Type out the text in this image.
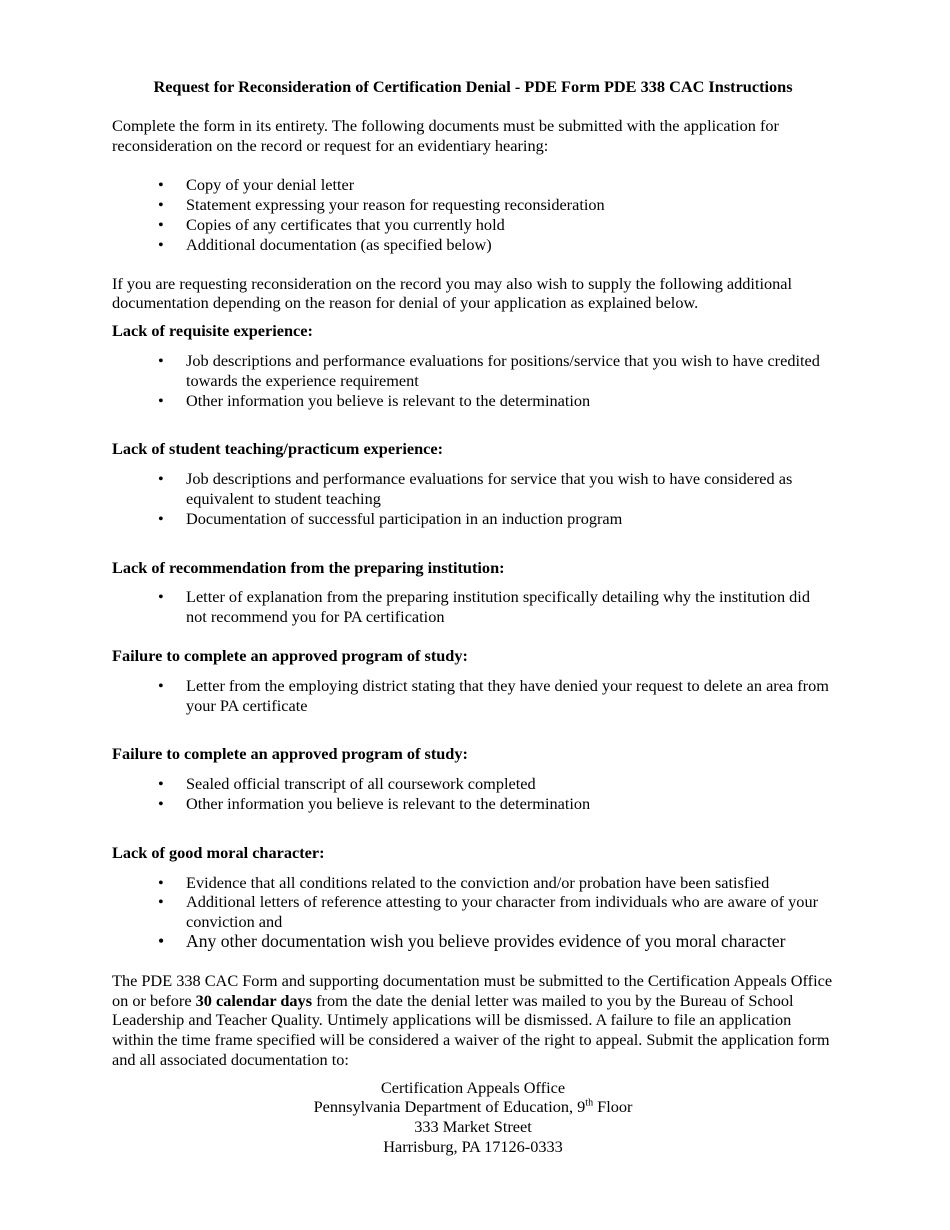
Request for Reconsideration of Certification Denial - PDE Form PDE 338 CAC Instructions

Complete the form in its entirety. The following documents must be submitted with the application for reconsideration on the record or request for an evidentiary hearing:

• Copy of your denial letter
• Statement expressing your reason for requesting reconsideration
• Copies of any certificates that you currently hold
• Additional documentation (as specified below)

If you are requesting reconsideration on the record you may also wish to supply the following additional documentation depending on the reason for denial of your application as explained below.

Lack of requisite experience:

• Job descriptions and performance evaluations for positions/service that you wish to have credited towards the experience requirement
• Other information you believe is relevant to the determination

Lack of student teaching/practicum experience:

• Job descriptions and performance evaluations for service that you wish to have considered as equivalent to student teaching
• Documentation of successful participation in an induction program

Lack of recommendation from the preparing institution:

• Letter of explanation from the preparing institution specifically detailing why the institution did not recommend you for PA certification

Failure to complete an approved program of study:

• Letter from the employing district stating that they have denied your request to delete an area from your PA certificate

Failure to complete an approved program of study:

• Sealed official transcript of all coursework completed
• Other information you believe is relevant to the determination

Lack of good moral character:

• Evidence that all conditions related to the conviction and/or probation have been satisfied
• Additional letters of reference attesting to your character from individuals who are aware of your conviction and
• Any other documentation wish you believe provides evidence of you moral character

The PDE 338 CAC Form and supporting documentation must be submitted to the Certification Appeals Office on or before 30 calendar days from the date the denial letter was mailed to you by the Bureau of School Leadership and Teacher Quality. Untimely applications will be dismissed. A failure to file an application within the time frame specified will be considered a waiver of the right to appeal. Submit the application form and all associated documentation to:

Certification Appeals Office
Pennsylvania Department of Education, 9th Floor
333 Market Street
Harrisburg, PA 17126-0333
